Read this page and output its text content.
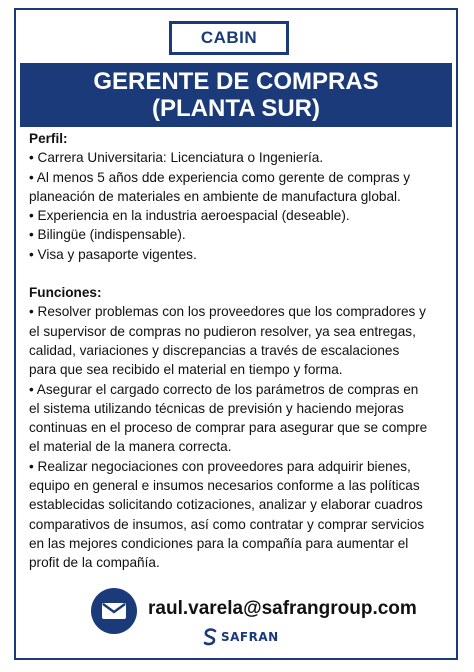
CABIN
GERENTE DE COMPRAS
(PLANTA SUR)

Perfil:

• Carrera Universitaria: Licenciatura o Ingeniería.

• Al menos 5 años dde experiencia como gerente de compras y

planeación de materiales en ambiente de manufactura global.

• Experiencia en la industria aeroespacial (deseable).

• Bilingüe (indispensable).

• Visa y pasaporte vigentes.

Funciones:

• Resolver problemas con los proveedores que los compradores y

el supervisor de compras no pudieron resolver, ya sea entregas,

calidad, variaciones y discrepancias a través de escalaciones

para que sea recibido el material en tiempo y forma.

• Asegurar el cargado correcto de los parámetros de compras en

el sistema utilizando técnicas de previsión y haciendo mejoras

continuas en el proceso de comprar para asegurar que se compre

el material de la manera correcta.

• Realizar negociaciones con proveedores para adquirir bienes,

equipo en general e insumos necesarios conforme a las políticas

establecidas solicitando cotizaciones, analizar y elaborar cuadros

comparativos de insumos, así como contratar y comprar servicios

en las mejores condiciones para la compañía para aumentar el

profit de la compañía.

raul.varela@safrangroup.com
SAFRAN
